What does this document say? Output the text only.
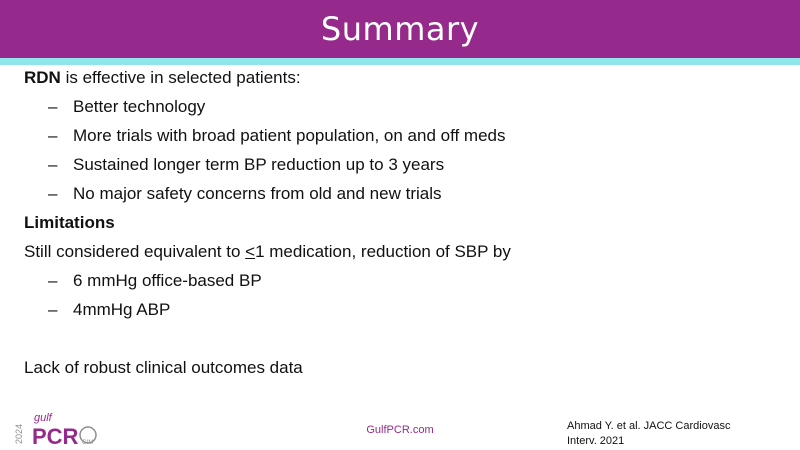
Summary
RDN is effective in selected patients:
– Better technology
– More trials with broad patient population, on and off meds
– Sustained longer term BP reduction up to 3 years
– No major safety concerns from old and new trials
Limitations
Still considered equivalent to ≤1 medication, reduction of SBP by
– 6 mmHg office-based BP
– 4mmHg ABP
Lack of robust clinical outcomes data
2024
gulf
PCR GIM
GulfPCR.com	Ahmad Y. et al. JACC Cardiovasc
Interv. 2021
